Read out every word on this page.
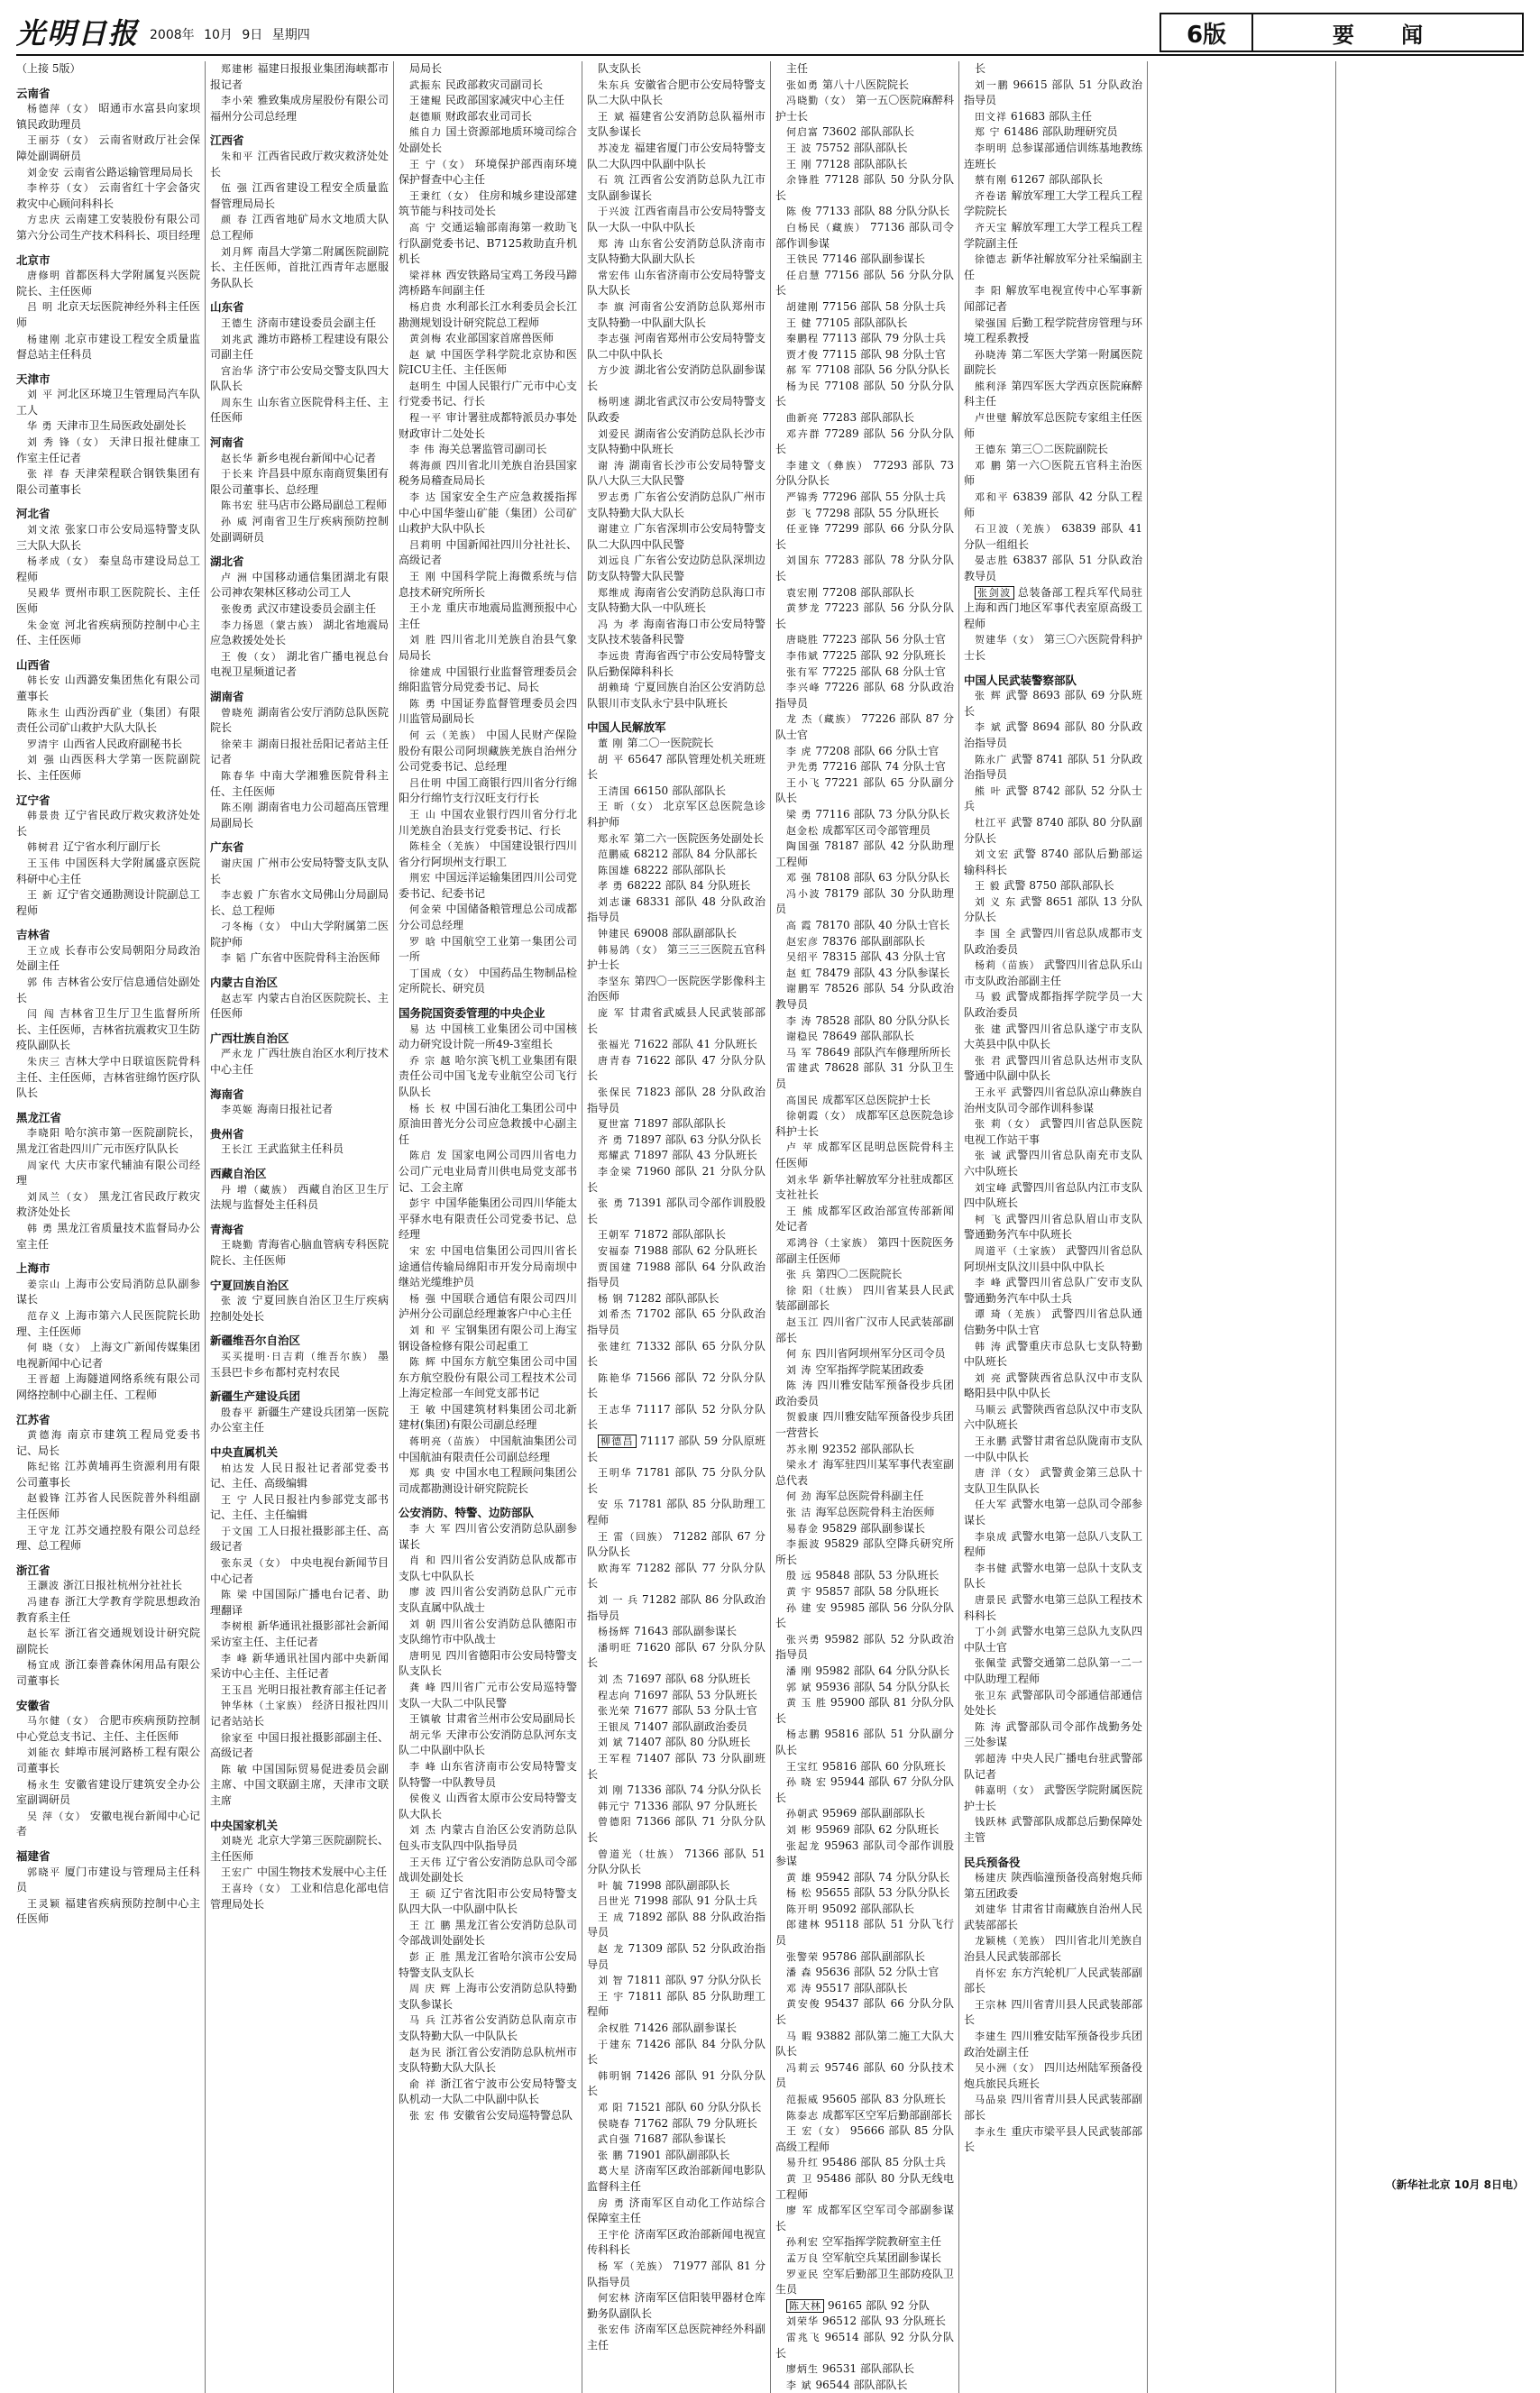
光明日报 2008年 10月 9日 星期四	6版	要 闻

（上接 5版）

云南省

杨德萍（女） 昭通市水富县向家坝镇民政助理员

王丽芬（女） 云南省财政厅社会保障处副调研员

刘金安 云南省公路运输管理局局长

李梓芬（女） 云南省红十字会备灾救灾中心顾问科科长

方忠庆 云南建工安装股份有限公司第六分公司生产技术科科长、项目经理

北京市

唐修明 首都医科大学附属复兴医院院长、主任医师

吕 明 北京天坛医院神经外科主任医师

杨建刚 北京市建设工程安全质量监督总站主任科员

天津市

刘 平 河北区环境卫生管理局汽车队工人

华 勇 天津市卫生局医政处副处长

刘 秀 锋（女） 天津日报社健康工作室主任记者

张 祥 春 天津荣程联合钢铁集团有限公司董事长

河北省

刘文浓 张家口市公安局巡特警支队三大队大队长

杨孝成（女） 秦皇岛市建设局总工程师

吴殿华 贾州市职工医院院长、主任医师

朱金宽 河北省疾病预防控制中心主任、主任医师

山西省

韩长安 山西潞安集团焦化有限公司董事长

陈永生 山西汾西矿业（集团）有限责任公司矿山救护大队大队长

罗清宇 山西省人民政府副秘书长

刘 强 山西医科大学第一医院副院长、主任医师

辽宁省

韩景贵 辽宁省民政厅救灾救济处处长

韩树君 辽宁省水利厅副厅长

王玉伟 中国医科大学附属盛京医院科研中心主任

王 新 辽宁省交通勘测设计院副总工程师

吉林省

王立成 长春市公安局朝阳分局政治处副主任

郭 伟 吉林省公安厅信息通信处副处长

闫 闯 吉林省卫生厅卫生监督所所长、主任医师，吉林省抗震救灾卫生防疫队副队长

朱庆三 吉林大学中日联谊医院骨科主任、主任医师，吉林省驻绵竹医疗队队长

黑龙江省

李晓阳 哈尔滨市第一医院副院长，黑龙江省赴四川广元市医疗队队长

周家代 大庆市家代辅油有限公司经理

刘凤兰（女） 黑龙江省民政厅救灾救济处处长

韩 勇 黑龙江省质量技术监督局办公室主任

上海市

姜宗山 上海市公安局消防总队副参谋长

范存义 上海市第六人民医院院长助理、主任医师

何 晓（女） 上海文广新闻传媒集团电视新闻中心记者

王晋超 上海隧道网络系统有限公司网络控制中心副主任、工程师

江苏省

黄德海 南京市建筑工程局党委书记、局长

陈纪铭 江苏黄埔再生资源利用有限公司董事长

赵毅锋 江苏省人民医院普外科组副主任医师

王守龙 江苏交通控股有限公司总经理、总工程师

浙江省

王灏波 浙江日报社杭州分社社长

冯建春 浙江大学教育学院思想政治教育系主任

赵长军 浙江省交通规划设计研究院副院长

杨宜成 浙江泰普森休闲用品有限公司董事长

安徽省

马尔健（女） 合肥市疾病预防控制中心党总支书记、主任、主任医师

刘能衣 蚌埠市展河路桥工程有限公司董事长

杨永生 安徽省建设厅建筑安全办公室副调研员

吴 萍（女） 安徽电视台新闻中心记者

福建省

郭晓平 厦门市建设与管理局主任科员

王灵颖 福建省疾病预防控制中心主任医师

郑建彬 福建日报报业集团海峡都市报记者

李小荣 雅致集成房屋股份有限公司福州分公司总经理

江西省

朱和平 江西省民政厅救灾救济处处长

伍 强 江西省建设工程安全质量监督管理局局长

颜 春 江西省地矿局水文地质大队总工程师

刘月辉 南昌大学第二附属医院副院长、主任医师，首批江西青年志愿服务队队长

山东省

王德生 济南市建设委员会副主任

刘兆武 潍坊市路桥工程建设有限公司副主任

宫治华 济宁市公安局交警支队四大队队长

周东生 山东省立医院骨科主任、主任医师

河南省

赵长华 新乡电视台新闻中心记者

于长来 许昌县中原东南商贸集团有限公司董事长、总经理

陈书宏 驻马店市公路局副总工程师

孙 威 河南省卫生厅疾病预防控制处副调研员

湖北省

卢 洲 中国移动通信集团湖北有限公司神农架林区移动公司工人

张俊勇 武汉市建设委员会副主任

李力扬恩（蒙古族） 湖北省地震局应急救援处处长

王 俊（女） 湖北省广播电视总台电视卫星频道记者

湖南省

曾晓苑 湖南省公安厅消防总队医院院长

徐荣丰 湖南日报社岳阳记者站主任记者

陈春华 中南大学湘雅医院骨科主任、主任医师

陈丕刚 湖南省电力公司超高压管理局副局长

广东省

谢庆国 广州市公安局特警支队支队长

李志毅 广东省水文局佛山分局副局长、总工程师

刁冬梅（女） 中山大学附属第二医院护师

李 韬 广东省中医院骨科主治医师

内蒙古自治区

赵志军 内蒙古自治区医院院长、主任医师

广西壮族自治区

严永龙 广西壮族自治区水利厅技术中心主任

海南省

李英姬 海南日报社记者

贵州省

王长江 王武监狱主任科员

西藏自治区

丹 增（藏族） 西藏自治区卫生厅法规与监督处主任科员

青海省

王晓勤 青海省心脑血管病专科医院院长、主任医师

宁夏回族自治区

张 波 宁夏回族自治区卫生厅疾病控制处处长

新疆维吾尔自治区

买买提明·日吉莉（维吾尔族） 墨玉县巴卡乡布都村克村农民

新疆生产建设兵团

殷春平 新疆生产建设兵团第一医院办公室主任

中央直属机关

柏达发 人民日报社记者部党委书记、主任、高级编辑

王 宁 人民日报社内参部党支部书记、主任、主任编辑

于文国 工人日报社摄影部主任、高级记者

张东灵（女） 中央电视台新闻节目中心记者

陈 梁 中国国际广播电台记者、助理翻译

李树根 新华通讯社摄影部社会新闻采访室主任、主任记者

李 峰 新华通讯社国内部中央新闻采访中心主任、主任记者

王玉昌 光明日报社教育部主任记者

钟华林（土家族） 经济日报社四川记者站站长

徐家至 中国日报社摄影部副主任、高级记者

陈 敏 中国国际贸易促进委员会副主席、中国文联副主席，天津市文联主席

中央国家机关

刘晓光 北京大学第三医院副院长、主任医师

王宏广 中国生物技术发展中心主任

王喜玲（女） 工业和信息化部电信管理局处长

局局长

武振东 民政部救灾司副司长

王建鲲 民政部国家减灾中心主任

赵德顺 财政部农业司司长

熊自力 国土资源部地质环境司综合处副处长

王 宁（女） 环境保护部西南环境保护督查中心主任

王秉红（女） 住房和城乡建设部建筑节能与科技司处长

高 宁 交通运输部南海第一救助飞行队副党委书记、B7125救助直升机机长

梁祥林 西安铁路局宝鸡工务段马蹄湾桥路车间副主任

杨启贵 水利部长江水利委员会长江勘测规划设计研究院总工程师

黄剑梅 农业部国家首席兽医师

赵 斌 中国医学科学院北京协和医院ICU主任、主任医师

赵明生 中国人民银行广元市中心支行党委书记、行长

程一平 审计署驻成都特派员办事处财政审计二处处长

李 伟 海关总署监管司副司长

蒋海颜 四川省北川羌族自治县国家税务局稽查局局长

李 达 国家安全生产应急救援指挥中心中国华蓥山矿能（集团）公司矿山救护大队中队长

吕莉明 中国新闻社四川分社社长、高级记者

王 刚 中国科学院上海微系统与信息技术研究所所长

王小龙 重庆市地震局监测预报中心主任

刘 胜 四川省北川羌族自治县气象局局长

徐建成 中国银行业监督管理委员会绵阳监管分局党委书记、局长

陈 勇 中国证券监督管理委员会四川监管局副局长

何 云（羌族） 中国人民财产保险股份有限公司阿坝藏族羌族自治州分公司党委书记、总经理

吕仕明 中国工商银行四川省分行绵阳分行绵竹支行汉旺支行行长

王 山 中国农业银行四川省分行北川羌族自治县支行党委书记、行长

陈桂全（羌族） 中国建设银行四川省分行阿坝州支行职工

荆宏 中国远洋运输集团四川公司党委书记、纪委书记

何金荣 中国储备粮管理总公司成都分公司总经理

罗 晗 中国航空工业第一集团公司一所

丁国成（女） 中国药品生物制品检定所院长、研究员

国务院国资委管理的中央企业

易 达 中国核工业集团公司中国核动力研究设计院一所49-3室组长

乔 宗 越 哈尔滨飞机工业集团有限责任公司中国飞龙专业航空公司飞行队队长

杨 长 权 中国石油化工集团公司中原油田普光分公司应急救援中心副主任

陈启 发 国家电网公司四川省电力公司广元电业局青川供电局党支部书记、工会主席

彭宇 中国华能集团公司四川华能太平驿水电有限责任公司党委书记、总经理

宋 宏 中国电信集团公司四川省长途通信传输局绵阳市开发分局南坝中继站光缆维护员

杨 强 中国联合通信有限公司四川泸州分公司副总经理兼客户中心主任

刘 和 平 宝钢集团有限公司上海宝钢设备检修有限公司起重工

陈 辉 中国东方航空集团公司中国东方航空股份有限公司工程技术公司上海定检部一车间党支部书记

王 敏 中国建筑材料集团公司北新建材(集团)有限公司副总经理

蒋明亮（苗族） 中国航油集团公司中国航油有限责任公司副总经理

郑 典 安 中国水电工程顾问集团公司成都勘测设计研究院院长

公安消防、特警、边防部队

李 大 军 四川省公安消防总队副参谋长

肖 和 四川省公安消防总队成都市支队七中队队长

廖 波 四川省公安消防总队广元市支队直属中队战士

刘 朝 四川省公安消防总队德阳市支队绵竹市中队战士

唐明见 四川省德阳市公安局特警支队支队长

龚 峰 四川省广元市公安局巡特警支队一大队二中队民警

王镇敏 甘肃省兰州市公安局副局长

胡元华 天津市公安消防总队河东支队二中队副中队长

李 峰 山东省济南市公安局特警支队特警一中队教导员

侯俊义 山西省太原市公安局特警支队大队长

刘 杰 内蒙古自治区公安消防总队包头市支队四中队指导员

王天伟 辽宁省公安消防总队司令部战训处副处长

王 硕 辽宁省沈阳市公安局特警支队四大队一中队副中队长

王 江 鹏 黑龙江省公安消防总队司令部战训处副处长

彭 正 胜 黑龙江省哈尔滨市公安局特警支队支队长

周 庆 辉 上海市公安消防总队特勤支队参谋长

马 兵 江苏省公安消防总队南京市支队特勤大队一中队队长

赵为民 浙江省公安消防总队杭州市支队特勤大队大队长

俞 祥 浙江省宁波市公安局特警支队机动一大队二中队副中队长

张 宏 伟 安徽省公安局巡特警总队

队支队长

朱东兵 安徽省合肥市公安局特警支队二大队中队长

王 斌 福建省公安消防总队福州市支队参谋长

苏凌龙 福建省厦门市公安局特警支队二大队四中队副中队长

石 筑 江西省公安消防总队九江市支队副参谋长

于兴波 江西省南昌市公安局特警支队一大队一中队中队长

郑 涛 山东省公安消防总队济南市支队特勤大队副大队长

常宏伟 山东省济南市公安局特警支队大队长

李 旗 河南省公安消防总队郑州市支队特勤一中队副大队长

李志强 河南省郑州市公安局特警支队二中队中队长

方少波 湖北省公安消防总队副参谋长

杨明速 湖北省武汉市公安局特警支队政委

刘爱民 湖南省公安消防总队长沙市支队特勤中队班长

谢 涛 湖南省长沙市公安局特警支队八大队三大队民警

罗志勇 广东省公安消防总队广州市支队特勤大队大队长

谢建立 广东省深圳市公安局特警支队二大队四中队民警

刘远良 广东省公安边防总队深圳边防支队特警大队民警

郑维成 海南省公安消防总队海口市支队特勤大队一中队班长

冯 为 孝 海南省海口市公安局特警支队技术装备科民警

李远贵 青海省西宁市公安局特警支队后勤保障科科长

胡赖琦 宁夏回族自治区公安消防总队银川市支队永宁县中队班长

中国人民解放军

董 刚 第二〇一医院院长

胡 平 65647 部队管理处机关班班长

王清国 66150 部队部队长

王 昕（女） 北京军区总医院急诊科护师

郑永军 第二六一医院医务处副处长

范鹏威 68212 部队 84 分队部长

陈国雄 68222 部队部队长

孝 勇 68222 部队 84 分队班长

刘志谦 68331 部队 48 分队政治指导员

钟建民 69008 部队副部队长

韩易鸽（女） 第三三三医院五官科护士长

李坚东 第四〇一医院医学影像科主治医师

庞 军 甘肃省武威县人民武装部部长

张福光 71622 部队 41 分队班长

唐青春 71622 部队 47 分队分队长

张保民 71823 部队 28 分队政治指导员

夏世富 71897 部队部队长

齐 勇 71897 部队 63 分队分队长

郑耀武 71897 部队 43 分队班长

李金梁 71960 部队 21 分队分队长

张 勇 71391 部队司令部作训股股长

王朝军 71872 部队部队长

安福泰 71988 部队 62 分队班长

贾国建 71988 部队 64 分队政治指导员

杨 钢 71282 部队部队长

刘希杰 71702 部队 65 分队政治指导员

张建红 71332 部队 65 分队分队长

陈艳华 71566 部队 72 分队分队长

王志华 71117 部队 52 分队分队长

柳德昌 71117 部队 59 分队原班长

王明华 71781 部队 75 分队分队长

安 乐 71781 部队 85 分队助理工程师

王 雷（回族） 71282 部队 67 分队分队长

欧海军 71282 部队 77 分队分队长

刘 一 兵 71282 部队 86 分队政治指导员

杨扬辉 71643 部队副参谋长

潘明旺 71620 部队 67 分队分队长

刘 杰 71697 部队 68 分队班长

程志向 71697 部队 53 分队班长

张光荣 71677 部队 53 分队士官

王银凤 71407 部队副政治委员

刘 斌 71407 部队 80 分队班长

王军程 71407 部队 73 分队副班长

刘 刚 71336 部队 74 分队分队长

韩元宁 71336 部队 97 分队班长

曾德阳 71366 部队 71 分队分队长

曾道光（壮族） 71366 部队 51 分队分队长

叶 毓 71998 部队副部队长

吕世光 71998 部队 91 分队士兵

王 成 71892 部队 88 分队政治指导员

赵 龙 71309 部队 52 分队政治指导员

刘 智 71811 部队 97 分队分队长

王 宇 71811 部队 85 分队助理工程师

余权胜 71426 部队副参谋长

于建东 71426 部队 84 分队分队长

韩明钢 71426 部队 91 分队分队长

邓 阳 71521 部队 60 分队分队长

侯晓春 71762 部队 79 分队班长

武自强 71687 部队参谋长

张 鹏 71901 部队副部队长

葛大星 济南军区政治部新闻电影队监督科主任

房 勇 济南军区自动化工作站综合保障室主任

王宇伦 济南军区政治部新闻电视宣传科科长

杨 军（羌族） 71977 部队 81 分队指导员

何宏林 济南军区信阳装甲器材仓库勤务队副队长

张宏伟 济南军区总医院神经外科副主任

主任

张如勇 第八十八医院院长

冯晓勤（女） 第一五〇医院麻醉科护士长

何启富 73602 部队部队长

王 波 75752 部队部队长

王 刚 77128 部队部队长

余锋胜 77128 部队 50 分队分队长

陈 俊 77133 部队 88 分队分队长

白杨民（藏族） 77136 部队司令部作训参谋

王铁民 77146 部队副参谋长

任启慧 77156 部队 56 分队分队长

胡建刚 77156 部队 58 分队士兵

王 健 77105 部队部队长

秦鹏程 77113 部队 79 分队士兵

贾才俊 77115 部队 98 分队士官

郝 军 77108 部队 56 分队分队长

杨为民 77108 部队 50 分队分队长

曲新亮 77283 部队部队长

邓卉群 77289 部队 56 分队分队长

李建文（彝族） 77293 部队 73 分队分队长

严锦秀 77296 部队 55 分队士兵

彭 飞 77298 部队 55 分队班长

任亚锋 77299 部队 66 分队分队长

刘国东 77283 部队 78 分队分队长

袁宏刚 77208 部队部队长

黄梦龙 77223 部队 56 分队分队长

唐晓胜 77223 部队 56 分队士官

李伟斌 77225 部队 92 分队班长

张有军 77225 部队 68 分队士官

李兴峰 77226 部队 68 分队政治指导员

龙 杰（藏族） 77226 部队 87 分队士官

李 虎 77208 部队 66 分队士官

尹先勇 77216 部队 74 分队士官

王小飞 77221 部队 65 分队副分队长

梁 勇 77116 部队 73 分队分队长

赵金松 成都军区司令部管理员

陶国强 78187 部队 42 分队助理工程师

邓 强 78108 部队 63 分队分队长

冯小波 78179 部队 30 分队助理员

高 霞 78170 部队 40 分队士官长

赵宏彦 78376 部队副部队长

吴绍平 78315 部队 43 分队士官

赵 虹 78479 部队 43 分队参谋长

谢鹏军 78526 部队 54 分队政治教导员

李 涛 78528 部队 80 分队分队长

谢稳民 78649 部队部队长

马 军 78649 部队汽车修理所所长

雷建武 78628 部队 31 分队卫生员

高国民 成都军区总医院护士长

徐朝霞（女） 成都军区总医院急诊科护士长

卢 苹 成都军区昆明总医院骨科主任医师

刘永华 新华社解放军分社驻成都区支社社长

王 熊 成都军区政治部宣传部新闻处记者

邓鸿谷（土家族） 第四十医院医务部副主任医师

张 兵 第四〇二医院院长

徐 阳（壮族） 四川省某县人民武装部副部长

赵玉江 四川省广汉市人民武装部副部长

何 东 四川省阿坝州军分区司令员

刘 涛 空军指挥学院某团政委

陈 涛 四川雅安陆军预备役步兵团政治委员

贺毅康 四川雅安陆军预备役步兵团一营营长

苏永刚 92352 部队部队长

梁永才 海军驻四川某军事代表室副总代表

何 劲 海军总医院骨科副主任

张 洁 海军总医院骨科主治医师

易春金 95829 部队副参谋长

李振波 95829 部队空降兵研究所所长

殷 远 95848 部队 53 分队班长

黄 宇 95857 部队 58 分队班长

孙 建 安 95985 部队 56 分队分队长

张兴勇 95982 部队 52 分队政治指导员

潘 刚 95982 部队 64 分队分队长

郭 斌 95936 部队 54 分队分队长

黄 玉 胜 95900 部队 81 分队分队长

杨志鹏 95816 部队 51 分队副分队长

王宝红 95816 部队 60 分队班长

孙 晓 宏 95944 部队 67 分队分队长

孙朝武 95969 部队副部队长

刘 彬 95969 部队 62 分队班长

张起龙 95963 部队司令部作训股参谋

黄 雄 95942 部队 74 分队分队长

杨 松 95655 部队 53 分队分队长

陈开明 95092 部队部队长

郎建林 95118 部队 51 分队飞行员

张警荣 95786 部队副部队长

潘 森 95636 部队 52 分队士官

邓 涛 95517 部队部队长

黄安俊 95437 部队 66 分队分队长

马 暇 93882 部队第二施工大队大队长

冯莉云 95746 部队 60 分队技术员

范振威 95605 部队 83 分队班长

陈泰志 成都军区空军后勤部副部长

王 宏（女） 95666 部队 85 分队高级工程师

易升红 95486 部队 85 分队士兵

黄 卫 95486 部队 80 分队无线电工程师

廖 军 成都军区空军司令部副参谋长

孙利宏 空军指挥学院教研室主任

孟万良 空军航空兵某团副参谋长

罗亚民 空军后勤部卫生部防疫队卫生员

陈大林 96165 部队 92 分队

刘荣华 96512 部队 93 分队班长

雷兆飞 96514 部队 92 分队分队长

廖炳生 96531 部队部队长

李 斌 96544 部队部队长

长

刘一鹏 96615 部队 51 分队政治指导员

田文祥 61683 部队主任

郑 宁 61486 部队助理研究员

李明明 总参谋部通信训练基地教练连班长

蔡有刚 61267 部队部队长

齐卷诺 解放军理工大学工程兵工程学院院长

齐天宝 解放军理工大学工程兵工程学院副主任

徐德志 新华社解放军分社采编副主任

李 阳 解放军电视宣传中心军事新闻部记者

梁强国 后勤工程学院营房管理与环境工程系教授

孙晓涛 第二军医大学第一附属医院副院长

熊利泽 第四军医大学西京医院麻醉科主任

卢世璧 解放军总医院专家组主任医师

王德东 第三〇二医院副院长

邓 鹏 第一六〇医院五官科主治医师

邓和平 63839 部队 42 分队工程师

石卫波（羌族） 63839 部队 41 分队一组组长

晏志胜 63837 部队 51 分队政治教导员

张剑波 总装备部工程兵军代局驻上海和西门地区军事代表室原高级工程师

贺建华（女） 第三〇六医院骨科护士长

中国人民武装警察部队

张 辉 武警 8693 部队 69 分队班长

李 斌 武警 8694 部队 80 分队政治指导员

陈永广 武警 8741 部队 51 分队政治指导员

熊 叶 武警 8742 部队 52 分队士兵

杜江平 武警 8740 部队 80 分队副分队长

刘文宏 武警 8740 部队后勤部运输科科长

王 毅 武警 8750 部队部队长

刘 义 东 武警 8651 部队 13 分队分队长

李 国 全 武警四川省总队成都市支队政治委员

杨莉（苗族） 武警四川省总队乐山市支队政治部副主任

马 毅 武警成都指挥学院学员一大队政治委员

张 建 武警四川省总队遂宁市支队大英县中队中队长

张 君 武警四川省总队达州市支队警通中队副中队长

王永平 武警四川省总队凉山彝族自治州支队司令部作训科参谋

张 莉（女） 武警四川省总队医院电视工作站干事

张 诚 武警四川省总队南充市支队六中队班长

刘宝峰 武警四川省总队内江市支队四中队班长

柯 飞 武警四川省总队眉山市支队警通勤务汽车中队班长

周道平（土家族） 武警四川省总队阿坝州支队汶川县中队中队长

李 峰 武警四川省总队广安市支队警通勤务汽车中队士兵

谭 琦（羌族） 武警四川省总队通信勤务中队士官

韩 涛 武警重庆市总队七支队特勤中队班长

刘 亮 武警陕西省总队汉中市支队略阳县中队中队长

马顺云 武警陕西省总队汉中市支队六中队班长

王永鹏 武警甘肃省总队陇南市支队一中队中队长

唐 洋（女） 武警黄金第三总队十支队卫生队队长

任大军 武警水电第一总队司令部参谋长

李泉成 武警水电第一总队八支队工程师

李书健 武警水电第一总队十支队支队长

唐景民 武警水电第三总队工程技术科科长

丁小剑 武警水电第三总队九支队四中队士官

张佩莹 武警交通第二总队第一二一中队助理工程师

张卫东 武警部队司令部通信部通信处处长

陈 涛 武警部队司令部作战勤务处三处参谋

郭超涛 中央人民广播电台驻武警部队记者

韩嘉明（女） 武警医学院附属医院护士长

钱跃林 武警部队成都总后勤保障处主管

民兵预备役

杨建庆 陕西临潼预备役高射炮兵师第五团政委

刘建华 甘肃省甘南藏族自治州人民武装部部长

龙颖桃（羌族） 四川省北川羌族自治县人民武装部部长

肖怀宏 东方汽轮机厂人民武装部副部长

王宗林 四川省青川县人民武装部部长

李建生 四川雅安陆军预备役步兵团政治处副主任

吴小洲（女） 四川达州陆军预备役炮兵旅民兵班长

马品泉 四川省青川县人民武装部副部长

李永生 重庆市梁平县人民武装部部长

（新华社北京 10月 8日电）
